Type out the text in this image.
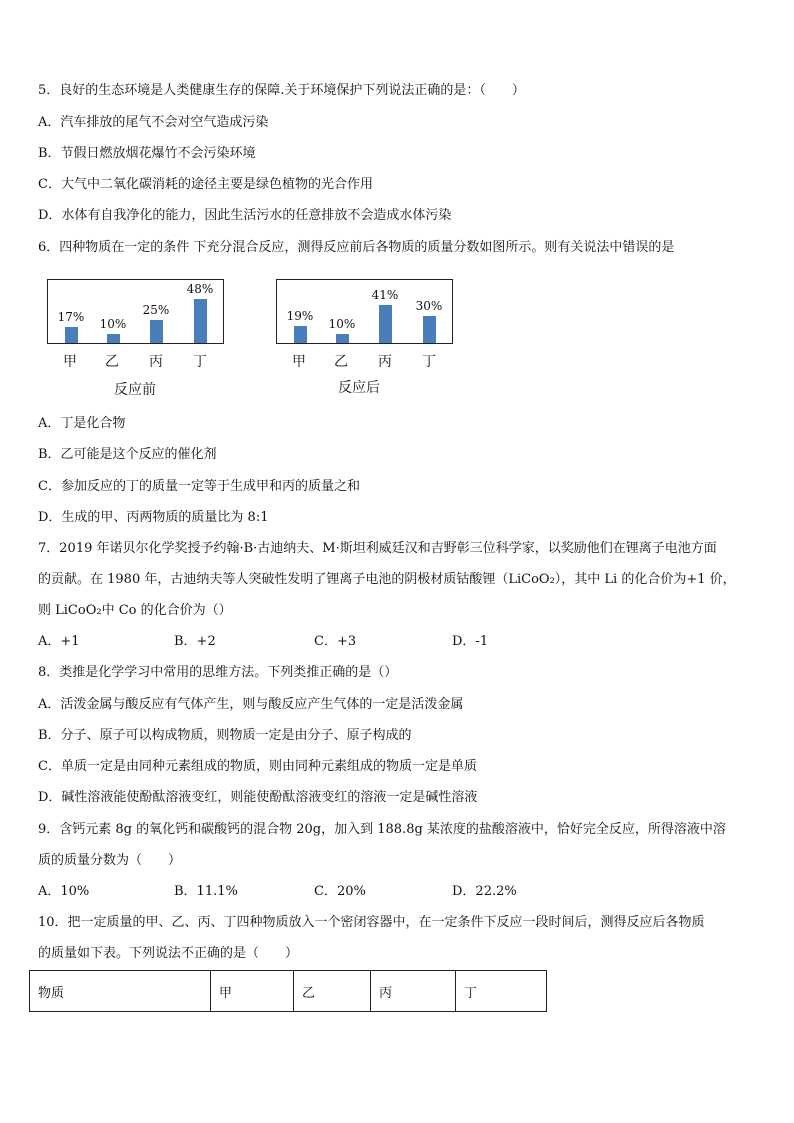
5．良好的生态环境是人类健康生存的保障.关于环境保护下列说法正确的是：（　　）
A．汽车排放的尾气不会对空气造成污染
B．节假日燃放烟花爆竹不会污染环境
C．大气中二氧化碳消耗的途径主要是绿色植物的光合作用
D．水体有自我净化的能力，因此生活污水的任意排放不会造成水体污染
6．四种物质在一定的条件 下充分混合反应，测得反应前后各物质的质量分数如图所示。则有关说法中错误的是
17%	10%
25%
48%
反应前
19%
10%
41%
30%
反应后
A．丁是化合物
B．乙可能是这个反应的催化剂
C．参加反应的丁的质量一定等于生成甲和丙的质量之和
D．生成的甲、丙两物质的质量比为 8:1
7．2019 年诺贝尔化学奖授予约翰·B·古迪纳夫、M·斯坦利威廷汉和吉野彰三位科学家，以奖励他们在锂离子电池方面
的贡献。在 1980 年，古迪纳夫等人突破性发明了锂离子电池的阴极材质钴酸锂（LiCoO₂），其中 Li 的化合价为+1 价，
则 LiCoO₂中 Co 的化合价为（）
A．+1	B．+2	C．+3	D．-1
8．类推是化学学习中常用的思维方法。下列类推正确的是（）
A．活泼金属与酸反应有气体产生，则与酸反应产生气体的一定是活泼金属
B．分子、原子可以构成物质，则物质一定是由分子、原子构成的
C．单质一定是由同种元素组成的物质，则由同种元素组成的物质一定是单质
D．碱性溶液能使酚酞溶液变红，则能使酚酞溶液变红的溶液一定是碱性溶液
9．含钙元素 8g 的氧化钙和碳酸钙的混合物 20g，加入到 188.8g 某浓度的盐酸溶液中，恰好完全反应，所得溶液中溶
质的质量分数为（　　）
A．10%	B．11.1%	C．20%	D．22.2%
10．把一定质量的甲、乙、丙、丁四种物质放入一个密闭容器中，在一定条件下反应一段时间后，测得反应后各物质
的质量如下表。下列说法不正确的是（　　）
物质	甲	乙	丙	丁
甲	乙	丙	丁	甲	乙	丙	丁
